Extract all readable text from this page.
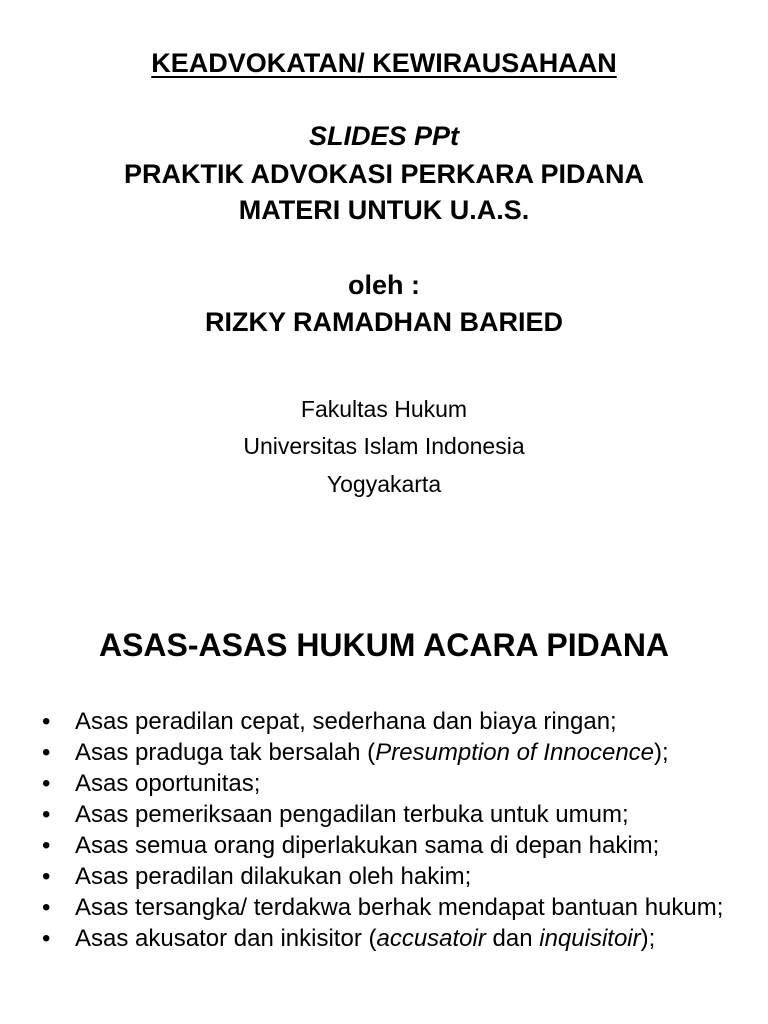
KEADVOKATAN/ KEWIRAUSAHAAN
SLIDES PPt
PRAKTIK ADVOKASI PERKARA PIDANA
MATERI UNTUK U.A.S.
oleh :
RIZKY RAMADHAN BARIED
Fakultas Hukum
Universitas Islam Indonesia
Yogyakarta
ASAS-ASAS HUKUM ACARA PIDANA
• Asas peradilan cepat, sederhana dan biaya ringan;
• Asas praduga tak bersalah (Presumption of Innocence);
• Asas oportunitas;
• Asas pemeriksaan pengadilan terbuka untuk umum;
• Asas semua orang diperlakukan sama di depan hakim;
• Asas peradilan dilakukan oleh hakim;
• Asas tersangka/ terdakwa berhak mendapat bantuan hukum;
• Asas akusator dan inkisitor (accusatoir dan inquisitoir);
